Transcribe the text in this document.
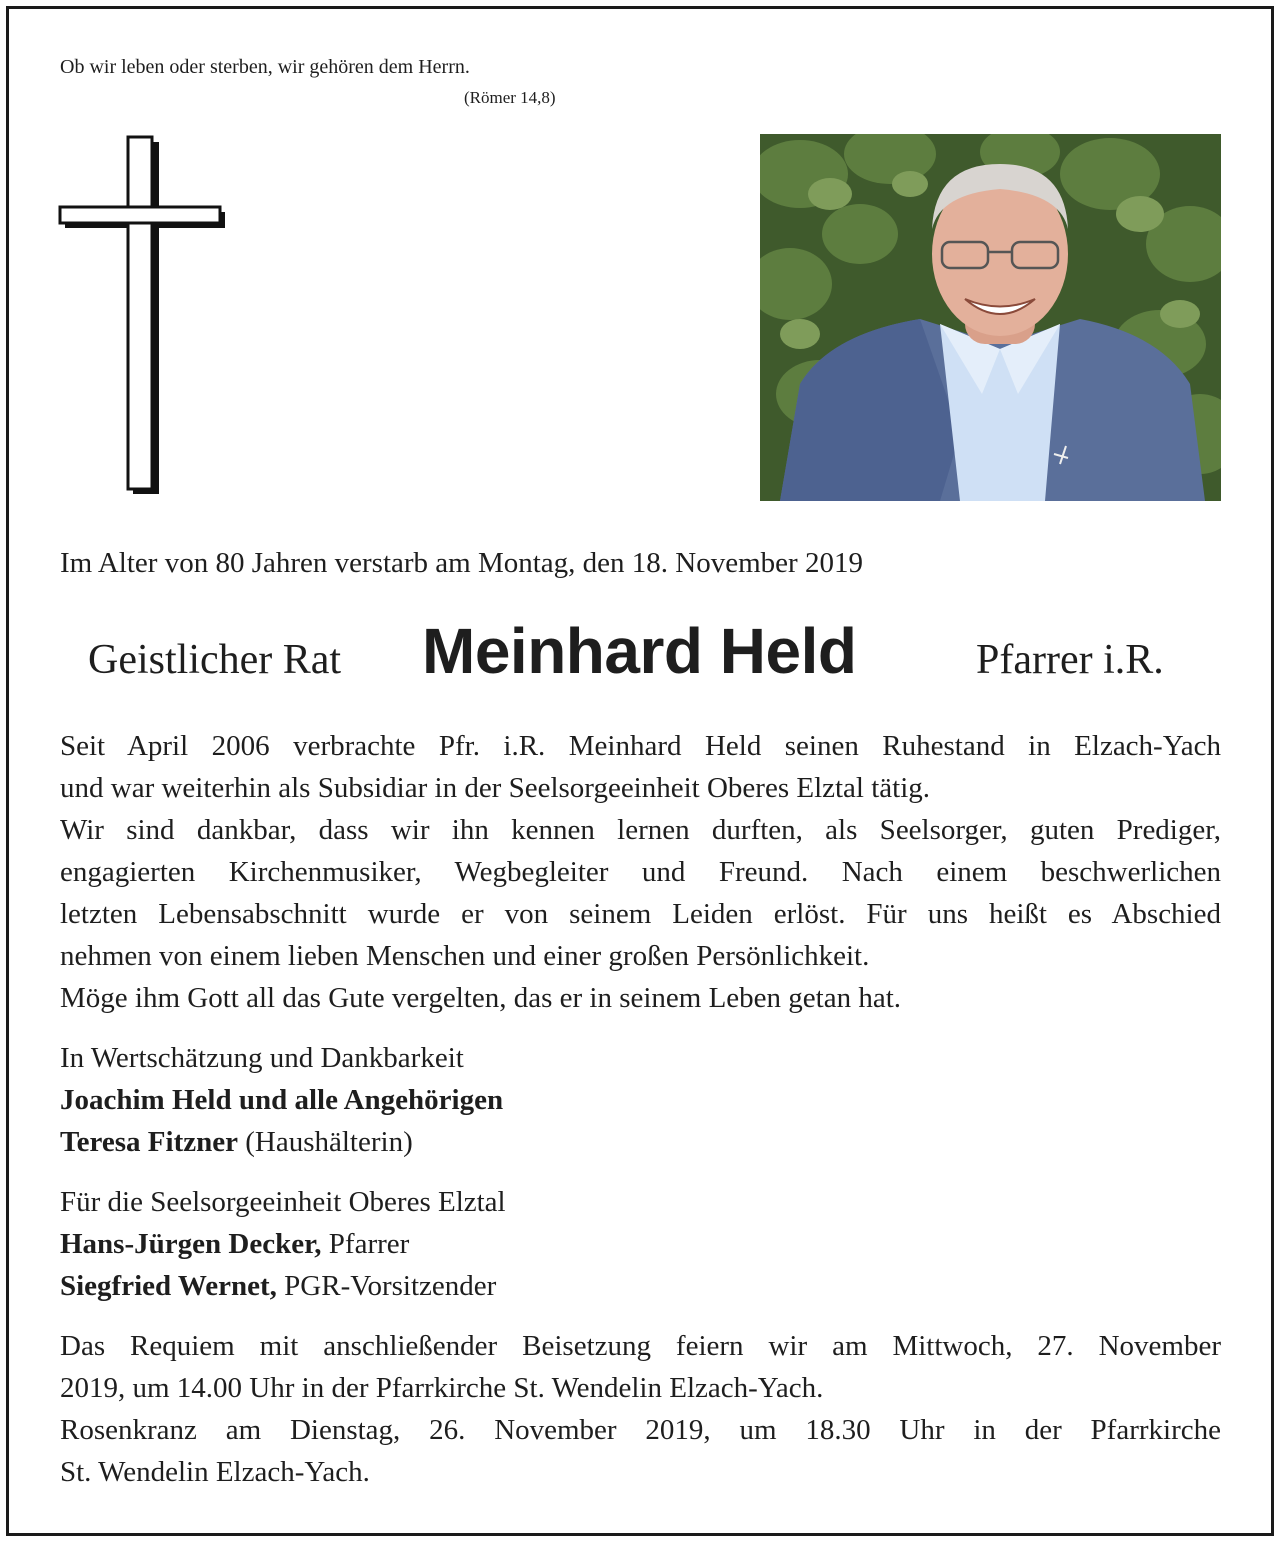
Ob wir leben oder sterben, wir gehören dem Herrn.
(Römer 14,8)
Im Alter von 80 Jahren verstarb am Montag, den 18. November 2019
Geistlicher Rat Meinhard Held	Pfarrer i.R.
Seit April 2006 verbrachte Pfr. i.R. Meinhard Held seinen Ruhestand in Elzach-Yach
und war weiterhin als Subsidiar in der Seelsorgeeinheit Oberes Elztal tätig.
Wir sind dankbar, dass wir ihn kennen lernen durften, als Seelsorger, guten Prediger,
engagierten Kirchenmusiker, Wegbegleiter und Freund. Nach einem beschwerlichen
letzten Lebensabschnitt wurde er von seinem Leiden erlöst. Für uns heißt es Abschied
nehmen von einem lieben Menschen und einer großen Persönlichkeit.
Möge ihm Gott all das Gute vergelten, das er in seinem Leben getan hat.
In Wertschätzung und Dankbarkeit
Joachim Held und alle Angehörigen
Teresa Fitzner (Haushälterin)
Für die Seelsorgeeinheit Oberes Elztal
Hans-Jürgen Decker, Pfarrer
Siegfried Wernet, PGR-Vorsitzender
Das Requiem mit anschließender Beisetzung feiern wir am Mittwoch, 27. November
2019, um 14.00 Uhr in der Pfarrkirche St. Wendelin Elzach-Yach.
Rosenkranz am Dienstag, 26. November 2019, um 18.30 Uhr in der Pfarrkirche
St. Wendelin Elzach-Yach.
